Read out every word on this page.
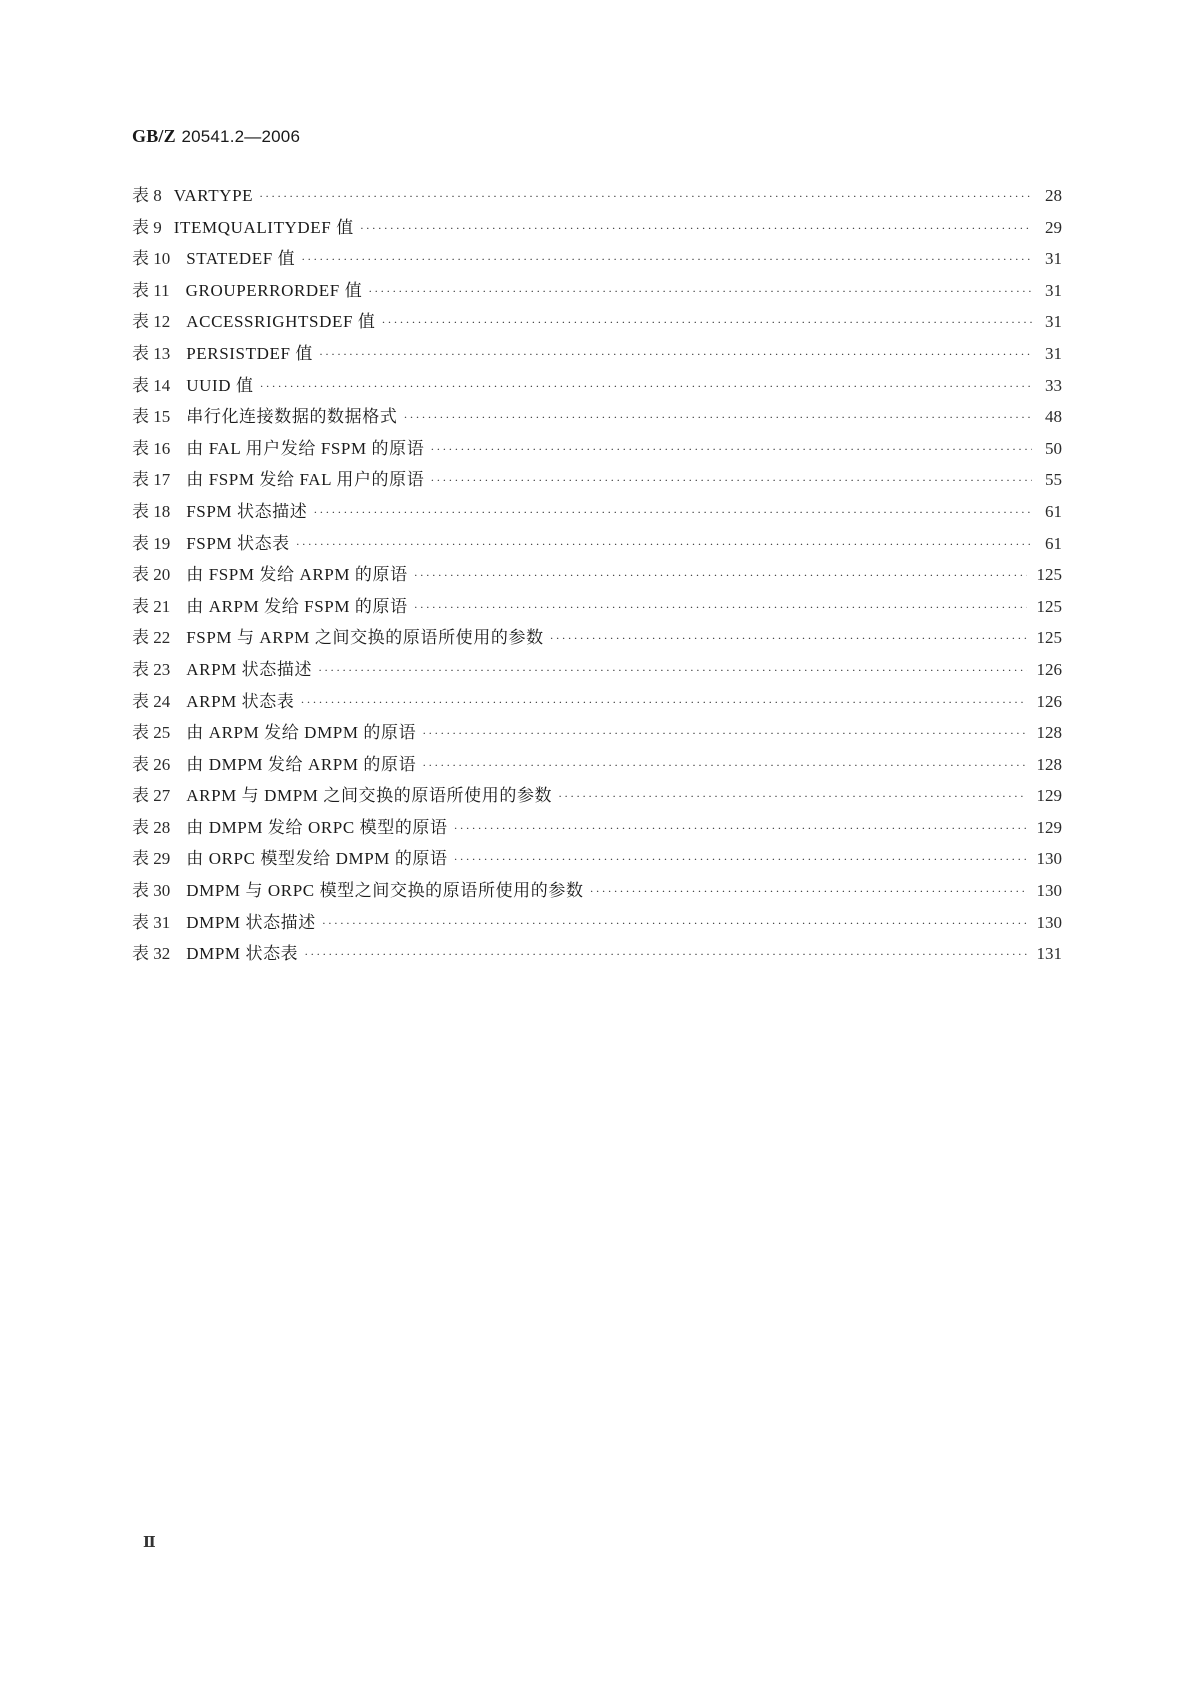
GB/Z 20541.2—2006
表 8 VARTYPE ·····	28
表 9 ITEMQUALITYDEF 值 ·····	29
表 10 STATEDEF 值 ·····	31
表 11 GROUPERRORDEF 值 ·····	31
表 12 ACCESSRIGHTSDEF 值 ·····	31
表 13 PERSISTDEF 值 ·····	31
表 14 UUID 值 ·····	33
表 15 串行化连接数据的数据格式 ·····	48
表 16 由 FAL 用户发给 FSPM 的原语 ·····	50
表 17 由 FSPM 发给 FAL 用户的原语 ·····	55
表 18 FSPM 状态描述 ·····	61
表 19 FSPM 状态表 ·····	61
表 20 由 FSPM 发给 ARPM 的原语 ·····	125
表 21 由 ARPM 发给 FSPM 的原语 ·····	125
表 22 FSPM 与 ARPM 之间交换的原语所使用的参数 ·····	125
表 23 ARPM 状态描述 ·····	126
表 24 ARPM 状态表 ·····	126
表 25 由 ARPM 发给 DMPM 的原语 ·····	128
表 26 由 DMPM 发给 ARPM 的原语 ·····	128
表 27 ARPM 与 DMPM 之间交换的原语所使用的参数 ·····	129
表 28 由 DMPM 发给 ORPC 模型的原语 ·····	129
表 29 由 ORPC 模型发给 DMPM 的原语 ·····	130
表 30 DMPM 与 ORPC 模型之间交换的原语所使用的参数 ·····	130
表 31 DMPM 状态描述 ·····	130
表 32 DMPM 状态表 ·····	131
Ⅱ
